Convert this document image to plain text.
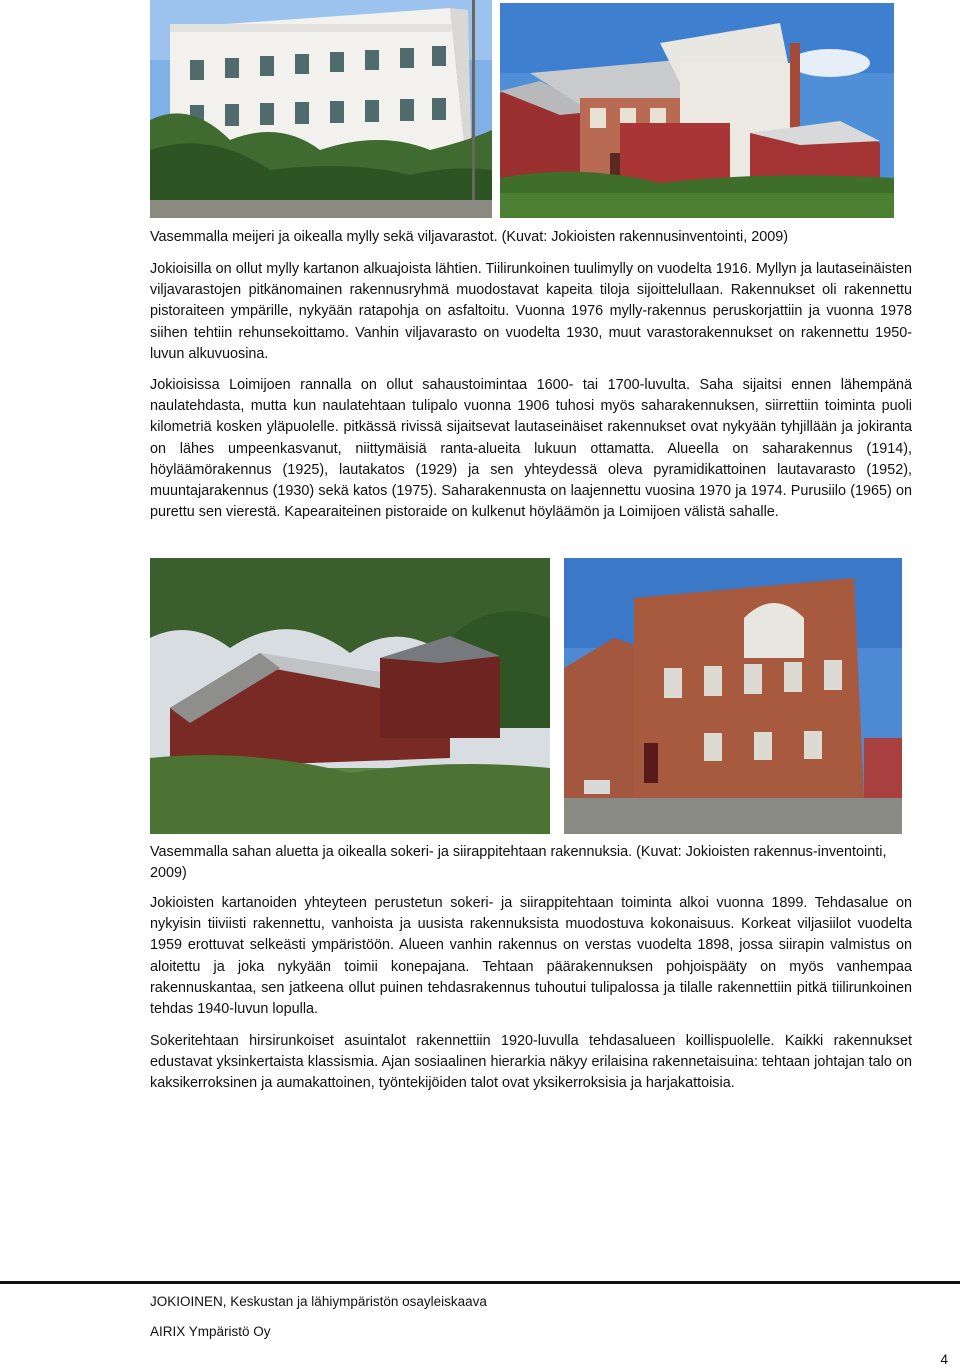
Vasemmalla meijeri ja oikealla mylly sekä viljavarastot. (Kuvat: Jokioisten rakennusinventointi, 2009)

Jokioisilla on ollut mylly kartanon alkuajoista lähtien. Tiilirunkoinen tuulimylly on vuodelta 1916. Myllyn ja lautaseinäisten viljavarastojen pitkänomainen rakennusryhmä muodostavat kapeita tiloja sijoittelullaan. Rakennukset oli rakennettu pistoraiteen ympärille, nykyään ratapohja on asfaltoitu. Vuonna 1976 mylly-rakennus peruskorjattiin ja vuonna 1978 siihen tehtiin rehunsekoittamo. Vanhin viljavarasto on vuodelta 1930, muut varastorakennukset on rakennettu 1950-luvun alkuvuosina.

Jokioisissa Loimijoen rannalla on ollut sahaustoimintaa 1600- tai 1700-luvulta. Saha sijaitsi ennen lähempänä naulatehdasta, mutta kun naulatehtaan tulipalo vuonna 1906 tuhosi myös saharakennuksen, siirrettiin toiminta puoli kilometriä kosken yläpuolelle. pitkässä rivissä sijaitsevat lautaseinäiset rakennukset ovat nykyään tyhjillään ja jokiranta on lähes umpeenkasvanut, niittymäisiä ranta-alueita lukuun ottamatta. Alueella on saharakennus (1914), höyläämörakennus (1925), lautakatos (1929) ja sen yhteydessä oleva pyramidikattoinen lautavarasto (1952), muuntajarakennus (1930) sekä katos (1975). Saharakennusta on laajennettu vuosina 1970 ja 1974. Purusiilo (1965) on purettu sen vierestä. Kapearaiteinen pistoraide on kulkenut höyläämön ja Loimijoen välistä sahalle.

Vasemmalla sahan aluetta ja oikealla sokeri- ja siirappitehtaan rakennuksia. (Kuvat: Jokioisten rakennus-inventointi, 2009)

Jokioisten kartanoiden yhteyteen perustetun sokeri- ja siirappitehtaan toiminta alkoi vuonna 1899. Tehdasalue on nykyisin tiiviisti rakennettu, vanhoista ja uusista rakennuksista muodostuva kokonaisuus. Korkeat viljasiilot vuodelta 1959 erottuvat selkeästi ympäristöön. Alueen vanhin rakennus on verstas vuodelta 1898, jossa siirapin valmistus on aloitettu ja joka nykyään toimii konepajana. Tehtaan päärakennuksen pohjoispääty on myös vanhempaa rakennuskantaa, sen jatkeena ollut puinen tehdasrakennus tuhoutui tulipalossa ja tilalle rakennettiin pitkä tiilirunkoinen tehdas 1940-luvun lopulla.

Sokeritehtaan hirsirunkoiset asuintalot rakennettiin 1920-luvulla tehdasalueen koillispuolelle. Kaikki rakennukset edustavat yksinkertaista klassismia. Ajan sosiaalinen hierarkia näkyy erilaisina rakennetaisuina: tehtaan johtajan talo on kaksikerroksinen ja aumakattoinen, työntekijöiden talot ovat yksikerroksisia ja harjakattoisia.

JOKIOINEN, Keskustan ja lähiympäristön osayleiskaava
AIRIX Ympäristö Oy
4
